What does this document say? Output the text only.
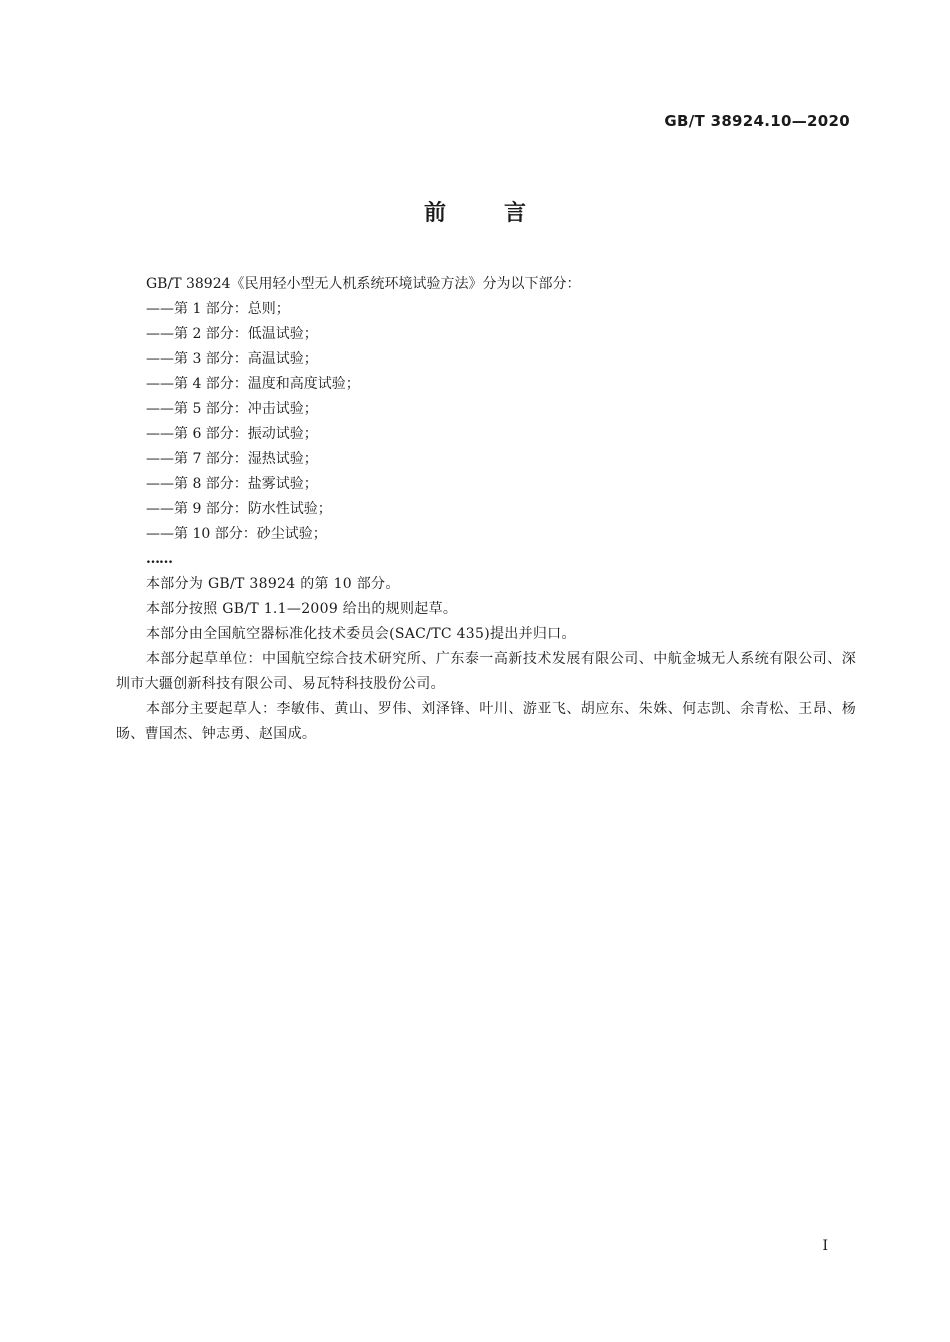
GB/T 38924.10—2020
前言
GB/T 38924《民用轻小型无人机系统环境试验方法》分为以下部分：
——第 1 部分：总则；
——第 2 部分：低温试验；
——第 3 部分：高温试验；
——第 4 部分：温度和高度试验；
——第 5 部分：冲击试验；
——第 6 部分：振动试验；
——第 7 部分：湿热试验；
——第 8 部分：盐雾试验；
——第 9 部分：防水性试验；
——第 10 部分：砂尘试验；
……
本部分为 GB/T 38924 的第 10 部分。
本部分按照 GB/T 1.1—2009 给出的规则起草。
本部分由全国航空器标准化技术委员会(SAC/TC 435)提出并归口。
本部分起草单位：中国航空综合技术研究所、广东泰一高新技术发展有限公司、中航金城无人系统有限公司、深圳市大疆创新科技有限公司、易瓦特科技股份公司。
本部分主要起草人：李敏伟、黄山、罗伟、刘泽锋、叶川、游亚飞、胡应东、朱姝、何志凯、余青松、王昂、杨旸、曹国杰、钟志勇、赵国成。
I
